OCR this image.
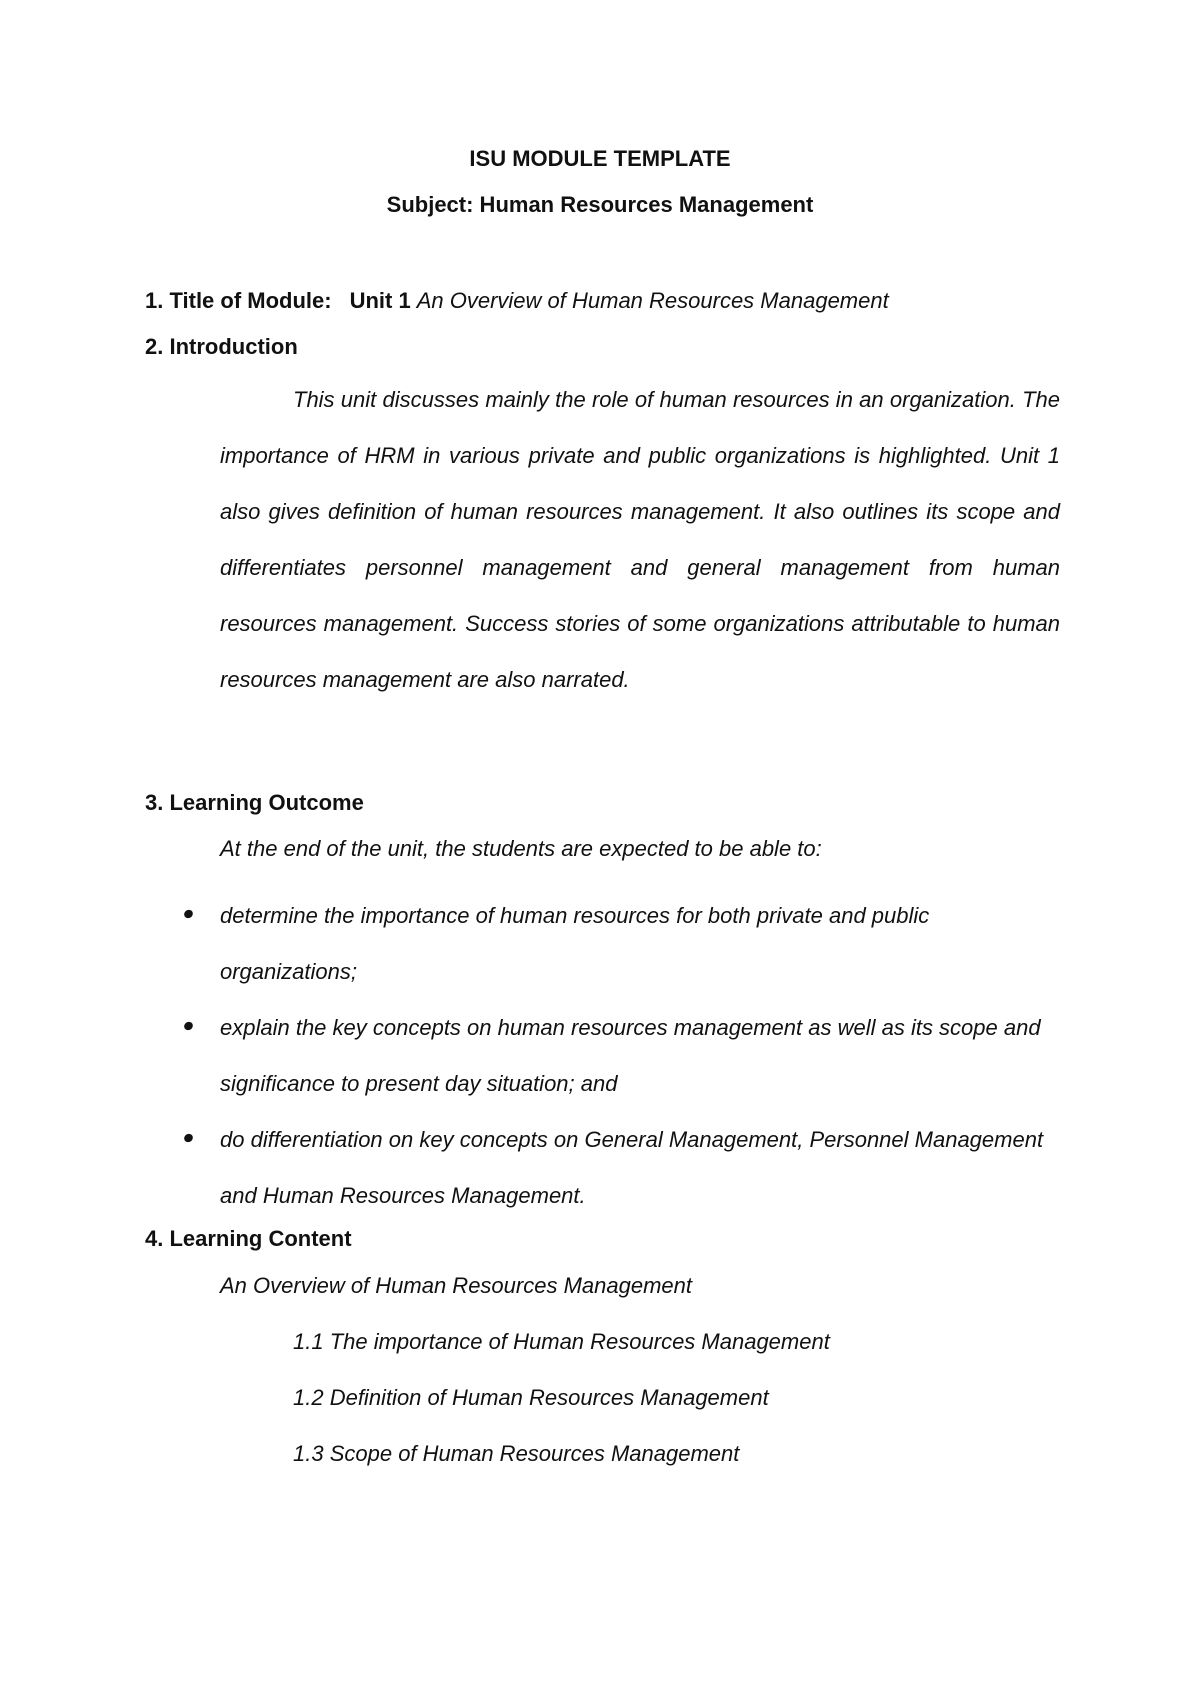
ISU MODULE TEMPLATE
Subject: Human Resources Management

1. Title of Module: Unit 1 An Overview of Human Resources Management

2. Introduction

This unit discusses mainly the role of human resources in an organization. The importance of HRM in various private and public organizations is highlighted. Unit 1 also gives definition of human resources management. It also outlines its scope and differentiates personnel management and general management from human resources management. Success stories of some organizations attributable to human resources management are also narrated.

3. Learning Outcome

At the end of the unit, the students are expected to be able to:

determine the importance of human resources for both private and public organizations;
explain the key concepts on human resources management as well as its scope and significance to present day situation; and
do differentiation on key concepts on General Management, Personnel Management and Human Resources Management.

4. Learning Content

An Overview of Human Resources Management

1.1 The importance of Human Resources Management

1.2 Definition of Human Resources Management

1.3 Scope of Human Resources Management
